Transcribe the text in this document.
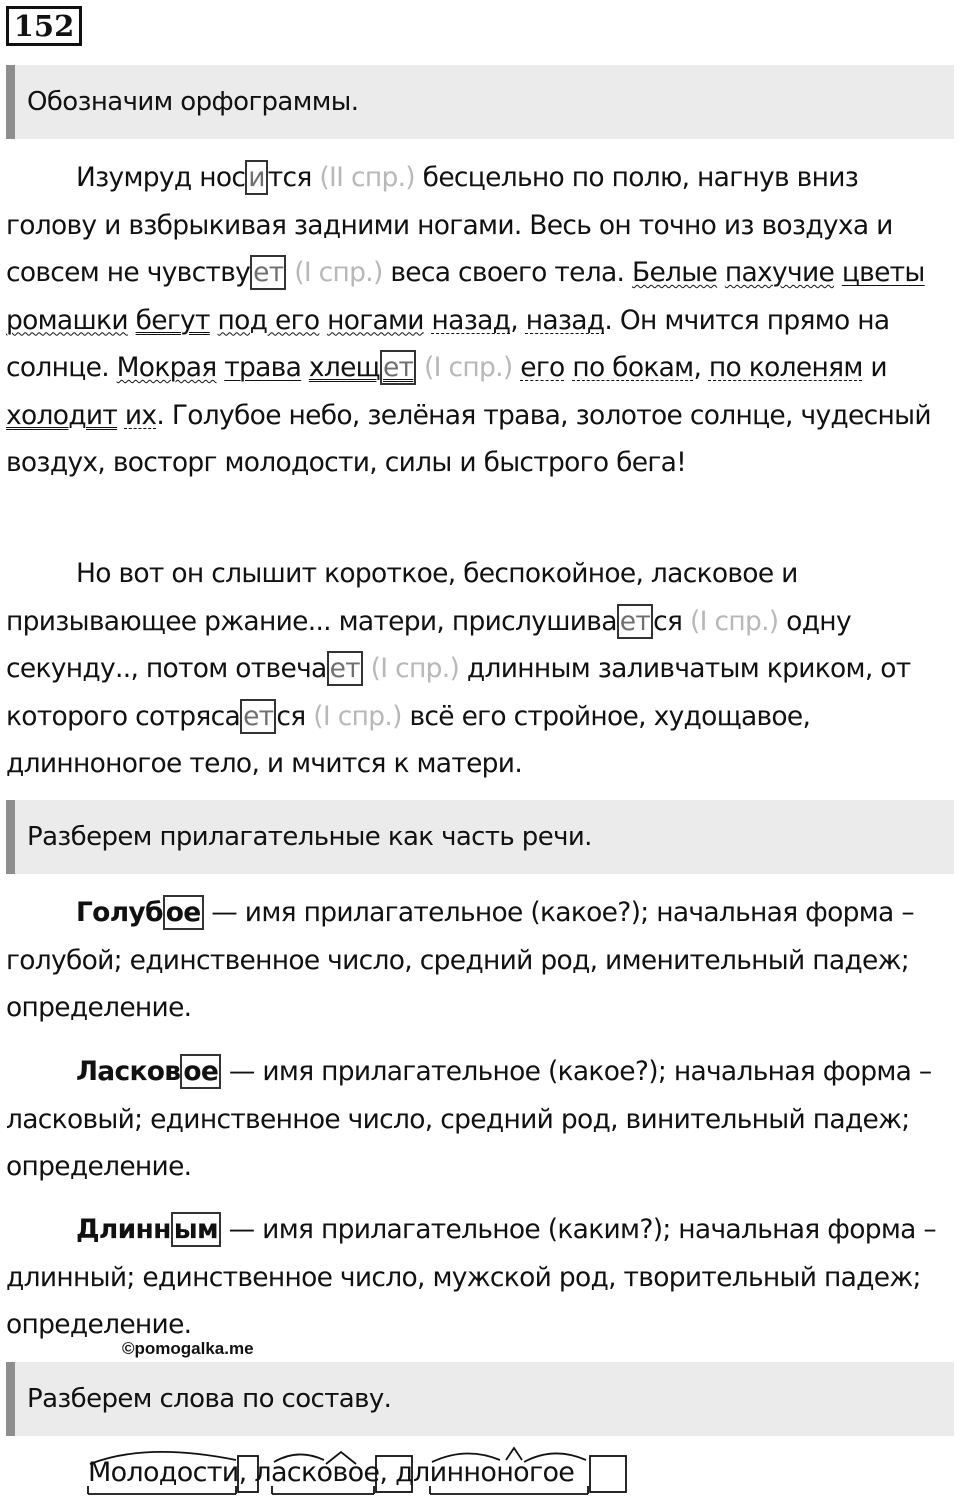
152
Обозначим орфограммы.

Изумруд нос и тся (II спр.) бесцельно по полю, нагнув вниз голову и взбрыкивая задними ногами. Весь он точно из воздуха и совсем не чувству ет (I спр.) веса своего тела. Белые пахучие цветы ромашки бегут под его ногами назад, назад. Он мчится прямо на солнце. Мокрая трава хлещ ет (I спр.) его по бокам, по коленям и холодит их. Голубое небо, зелёная трава, золотое солнце, чудесный воздух, восторг молодости, силы и быстрого бега!

Но вот он слышит короткое, беспокойное, ласковое и призывающее ржание... матери, прислушива ет ся (I спр.) одну секунду.., потом отвеча ет (I спр.) длинным заливчатым криком, от которого сотряса ет ся (I спр.) всё его стройное, худощавое, длинноногое тело, и мчится к матери.

Разберем прилагательные как часть речи.

Голуб ое — имя прилагательное (какое?); начальная форма – голубой; единственное число, средний род, именительный падеж; определение.

Ласков ое — имя прилагательное (какое?); начальная форма – ласковый; единственное число, средний род, винительный падеж; определение.

Длинн ым — имя прилагательное (каким?); начальная форма – длинный; единственное число, мужской род, творительный падеж; определение.

©pomogalka.me
Разберем слова по составу.
Молодости, ласковое, длинноногое
